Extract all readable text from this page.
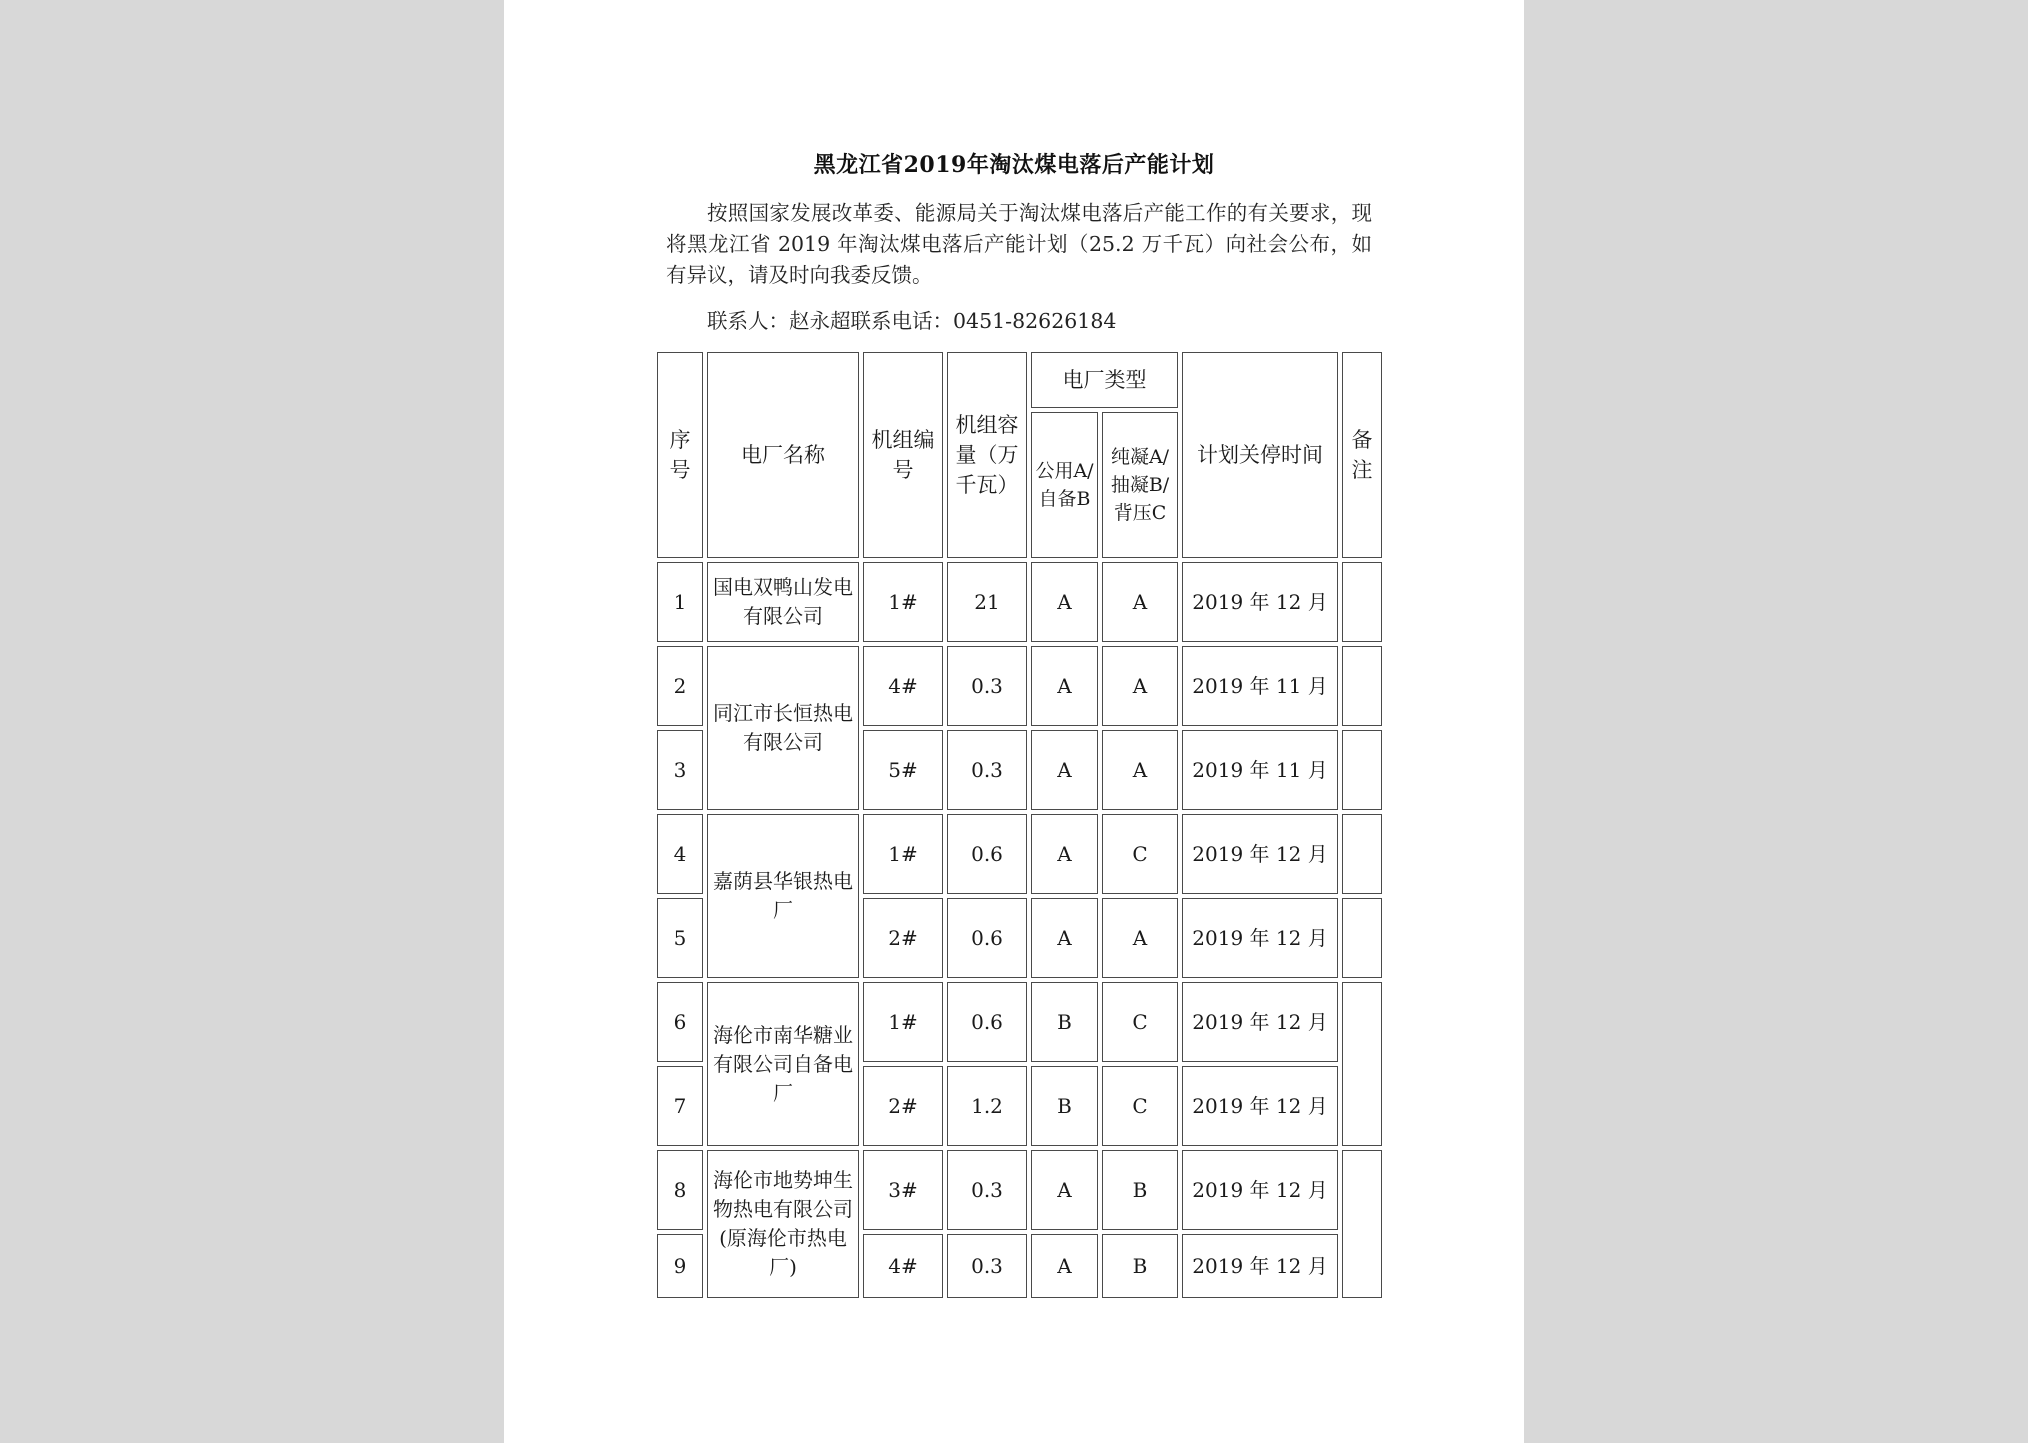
黑龙江省2019年淘汰煤电落后产能计划

按照国家发展改革委、能源局关于淘汰煤电落后产能工作的有关要求，现将黑龙江省 2019 年淘汰煤电落后产能计划（25.2 万千瓦）向社会公布，如有异议，请及时向我委反馈。

联系人：赵永超联系电话：0451-82626184

序号	电厂名称	机组编号	机组容量（万千瓦）	电厂类型		计划关停时间	备注
				公用A/自备B	纯凝A/抽凝B/背压C		
1	国电双鸭山发电有限公司	1#	21	A	A	2019 年 12 月	
2	同江市长恒热电有限公司	4#	0.3	A	A	2019 年 11 月	
3		5#	0.3	A	A	2019 年 11 月	
4	嘉荫县华银热电厂	1#	0.6	A	C	2019 年 12 月	
5		2#	0.6	A	A	2019 年 12 月	
6	海伦市南华糖业有限公司自备电厂	1#	0.6	B	C	2019 年 12 月	
7		2#	1.2	B	C	2019 年 12 月	
8	海伦市地势坤生物热电有限公司(原海伦市热电厂)	3#	0.3	A	B	2019 年 12 月	
9		4#	0.3	A	B	2019 年 12 月	
